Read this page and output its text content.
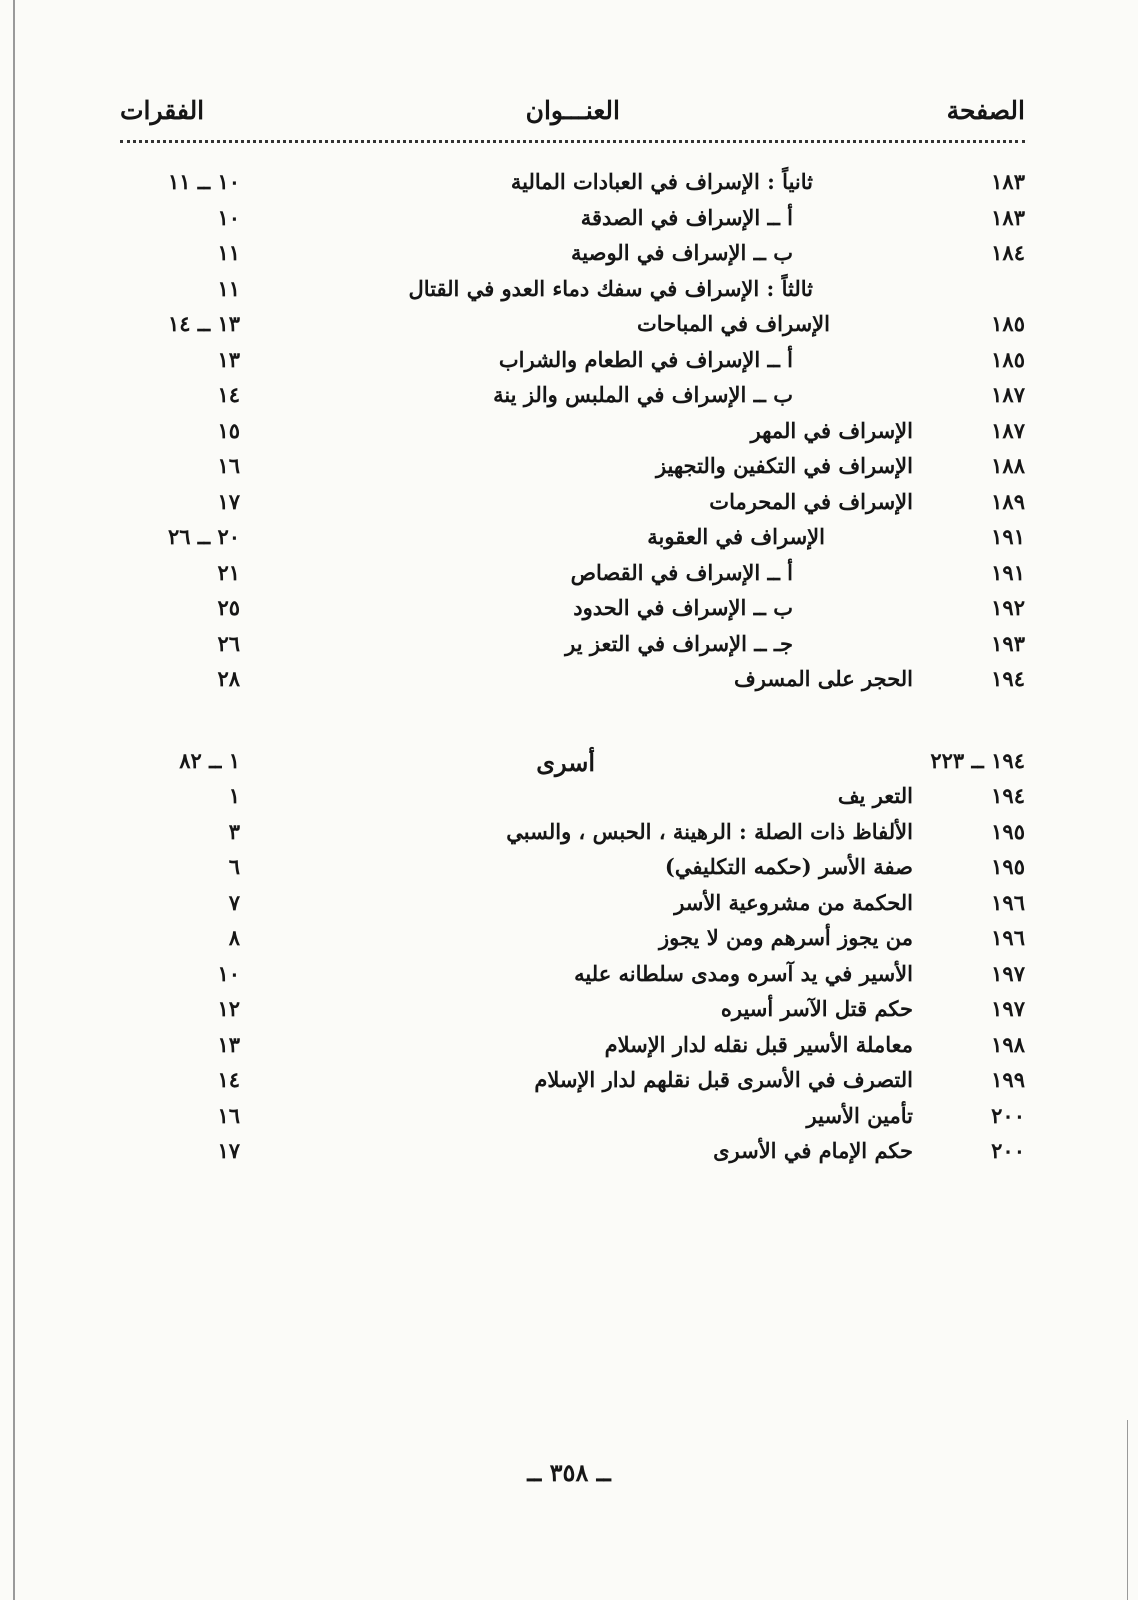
الصفحة
العنـــوان
الفقرات
١٨٣
ثانياً : الإسراف في العبادات المالية
١٠ ــ ١١
١٨٣
أ ــ الإسراف في الصدقة
١٠
١٨٤
ب ــ الإسراف في الوصية
١١
ثالثاً : الإسراف في سفك دماء العدو في القتال
١١
١٨٥
الإسراف في المباحات
١٣ ــ ١٤
١٨٥
أ ــ الإسراف في الطعام والشراب
١٣
١٨٧
ب ــ الإسراف في الملبس والز ينة
١٤
١٨٧
الإسراف في المهر
١٥
١٨٨
الإسراف في التكفين والتجهيز
١٦
١٨٩
الإسراف في المحرمات
١٧
١٩١
الإسراف في العقوبة
٢٠ ــ ٢٦
١٩١
أ ــ الإسراف في القصاص
٢١
١٩٢
ب ــ الإسراف في الحدود
٢٥
١٩٣
جـ ــ الإسراف في التعز ير
٢٦
١٩٤
الحجر على المسرف
٢٨
١٩٤ ــ ٢٢٣
أسرى
١ ــ ٨٢
١٩٤
التعر يف
١
١٩٥
الألفاظ ذات الصلة : الرهينة ، الحبس ، والسبي
٣
١٩٥
صفة الأسر (حكمه التكليفي)
٦
١٩٦
الحكمة من مشروعية الأسر
٧
١٩٦
من يجوز أسرهم ومن لا يجوز
٨
١٩٧
الأسير في يد آسره ومدى سلطانه عليه
١٠
١٩٧
حكم قتل الآسر أسيره
١٢
١٩٨
معاملة الأسير قبل نقله لدار الإسلام
١٣
١٩٩
التصرف في الأسرى قبل نقلهم لدار الإسلام
١٤
٢٠٠
تأمين الأسير
١٦
٢٠٠
حكم الإمام في الأسرى
١٧
ــ ٣٥٨ ــ
